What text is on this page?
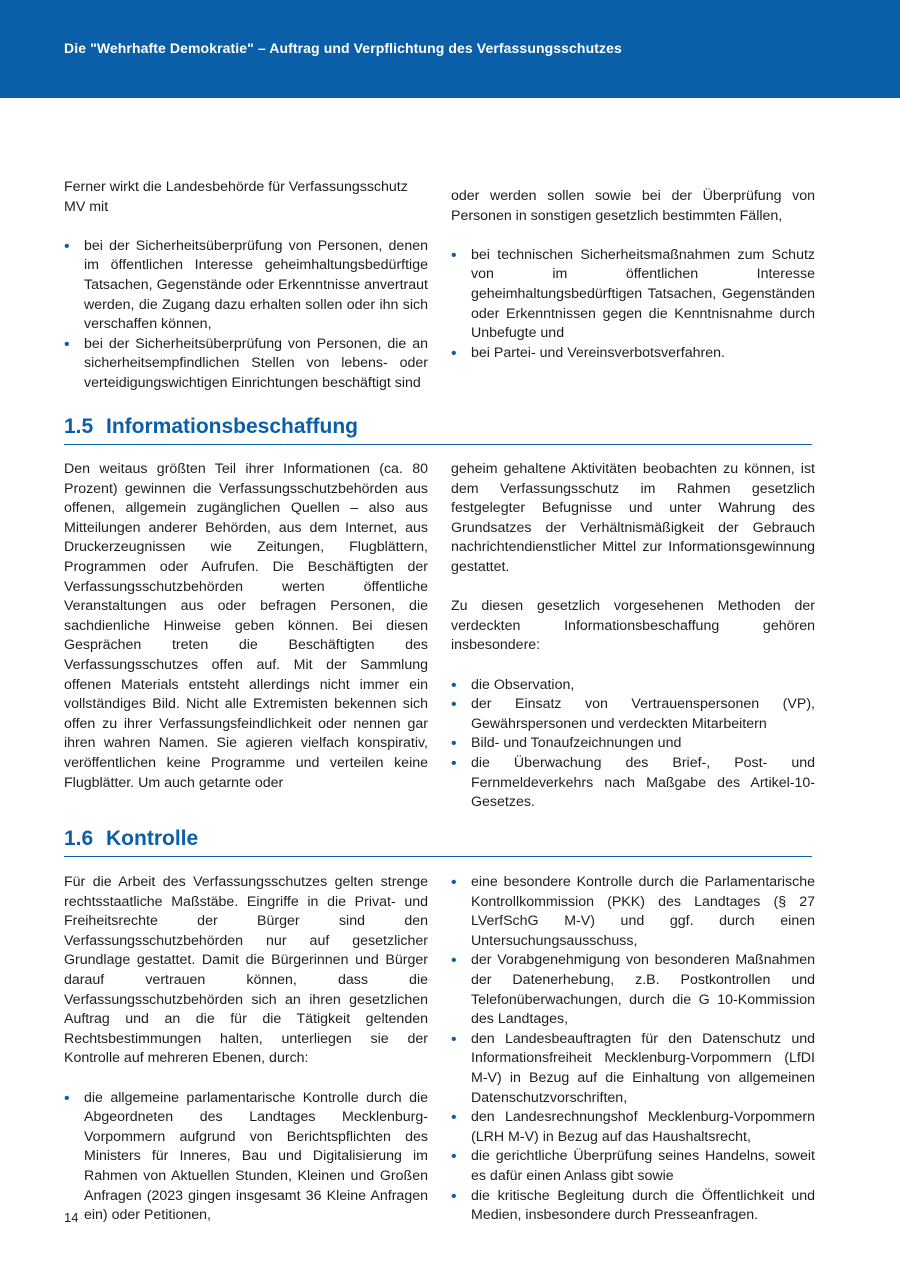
Die "Wehrhafte Demokratie" – Auftrag und Verpflichtung des Verfassungsschutzes

Ferner wirkt die Landesbehörde für Verfassungsschutz MV mit

• bei der Sicherheitsüberprüfung von Personen, denen im öffentlichen Interesse geheimhaltungsbedürftige Tatsachen, Gegenstände oder Erkenntnisse anvertraut werden, die Zugang dazu erhalten sollen oder ihn sich verschaffen können,
• bei der Sicherheitsüberprüfung von Personen, die an sicherheitsempfindlichen Stellen von lebens- oder verteidigungswichtigen Einrichtungen beschäftigt sind

oder werden sollen sowie bei der Überprüfung von Personen in sonstigen gesetzlich bestimmten Fällen,

• bei technischen Sicherheitsmaßnahmen zum Schutz von im öffentlichen Interesse geheimhaltungsbedürftigen Tatsachen, Gegenständen oder Erkenntnissen gegen die Kenntnisnahme durch Unbefugte und
• bei Partei- und Vereinsverbotsverfahren.
1.5 Informationsbeschaffung

Den weitaus größten Teil ihrer Informationen (ca. 80 Prozent) gewinnen die Verfassungsschutzbehörden aus offenen, allgemein zugänglichen Quellen – also aus Mitteilungen anderer Behörden, aus dem Internet, aus Druckerzeugnissen wie Zeitungen, Flugblättern, Programmen oder Aufrufen. Die Beschäftigten der Verfassungsschutzbehörden werten öffentliche Veranstaltungen aus oder befragen Personen, die sachdienliche Hinweise geben können. Bei diesen Gesprächen treten die Beschäftigten des Verfassungsschutzes offen auf. Mit der Sammlung offenen Materials entsteht allerdings nicht immer ein vollständiges Bild. Nicht alle Extremisten bekennen sich offen zu ihrer Verfassungsfeindlichkeit oder nennen gar ihren wahren Namen. Sie agieren vielfach konspirativ, veröffentlichen keine Programme und verteilen keine Flugblätter. Um auch getarnte oder

geheim gehaltene Aktivitäten beobachten zu können, ist dem Verfassungsschutz im Rahmen gesetzlich festgelegter Befugnisse und unter Wahrung des Grundsatzes der Verhältnismäßigkeit der Gebrauch nachrichtendienstlicher Mittel zur Informationsgewinnung gestattet.

Zu diesen gesetzlich vorgesehenen Methoden der verdeckten Informationsbeschaffung gehören insbesondere:

• die Observation,
• der Einsatz von Vertrauenspersonen (VP), Gewährspersonen und verdeckten Mitarbeitern
• Bild- und Tonaufzeichnungen und
• die Überwachung des Brief-, Post- und Fernmeldeverkehrs nach Maßgabe des Artikel-10-Gesetzes.
1.6 Kontrolle

Für die Arbeit des Verfassungsschutzes gelten strenge rechtsstaatliche Maßstäbe. Eingriffe in die Privat- und Freiheitsrechte der Bürger sind den Verfassungsschutzbehörden nur auf gesetzlicher Grundlage gestattet. Damit die Bürgerinnen und Bürger darauf vertrauen können, dass die Verfassungsschutzbehörden sich an ihren gesetzlichen Auftrag und an die für die Tätigkeit geltenden Rechtsbestimmungen halten, unterliegen sie der Kontrolle auf mehreren Ebenen, durch:

• die allgemeine parlamentarische Kontrolle durch die Abgeordneten des Landtages Mecklenburg-Vorpommern aufgrund von Berichtspflichten des Ministers für Inneres, Bau und Digitalisierung im Rahmen von Aktuellen Stunden, Kleinen und Großen Anfragen (2023 gingen insgesamt 36 Kleine Anfragen ein) oder Petitionen,
• eine besondere Kontrolle durch die Parlamentarische Kontrollkommission (PKK) des Landtages (§ 27 LVerfSchG M-V) und ggf. durch einen Untersuchungsausschuss,
• der Vorabgenehmigung von besonderen Maßnahmen der Datenerhebung, z.B. Postkontrollen und Telefonüberwachungen, durch die G 10-Kommission des Landtages,
• den Landesbeauftragten für den Datenschutz und Informationsfreiheit Mecklenburg-Vorpommern (LfDI M-V) in Bezug auf die Einhaltung von allgemeinen Datenschutzvorschriften,
• den Landesrechnungshof Mecklenburg-Vorpommern (LRH M-V) in Bezug auf das Haushaltsrecht,
• die gerichtliche Überprüfung seines Handelns, soweit es dafür einen Anlass gibt sowie
• die kritische Begleitung durch die Öffentlichkeit und Medien, insbesondere durch Presseanfragen.
14
